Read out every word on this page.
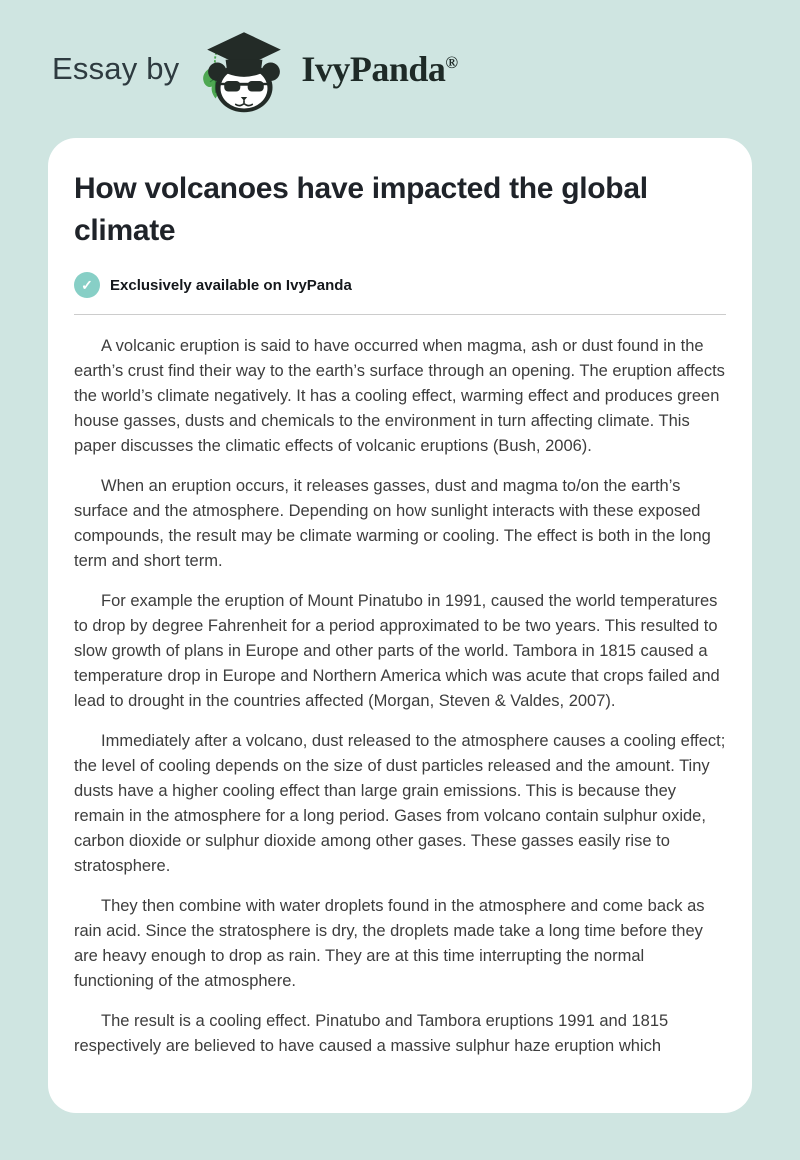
Essay by	IvyPanda®
How volcanoes have impacted the global climate
✓	Exclusively available on IvyPanda

A volcanic eruption is said to have occurred when magma, ash or dust found in the earth’s crust find their way to the earth’s surface through an opening. The eruption affects the world’s climate negatively. It has a cooling effect, warming effect and produces green house gasses, dusts and chemicals to the environment in turn affecting climate. This paper discusses the climatic effects of volcanic eruptions (Bush, 2006).

When an eruption occurs, it releases gasses, dust and magma to/on the earth’s surface and the atmosphere. Depending on how sunlight interacts with these exposed compounds, the result may be climate warming or cooling. The effect is both in the long term and short term.

For example the eruption of Mount Pinatubo in 1991, caused the world temperatures to drop by degree Fahrenheit for a period approximated to be two years. This resulted to slow growth of plans in Europe and other parts of the world. Tambora in 1815 caused a temperature drop in Europe and Northern America which was acute that crops failed and lead to drought in the countries affected (Morgan, Steven & Valdes, 2007).

Immediately after a volcano, dust released to the atmosphere causes a cooling effect; the level of cooling depends on the size of dust particles released and the amount. Tiny dusts have a higher cooling effect than large grain emissions. This is because they remain in the atmosphere for a long period. Gases from volcano contain sulphur oxide, carbon dioxide or sulphur dioxide among other gases. These gasses easily rise to stratosphere.

They then combine with water droplets found in the atmosphere and come back as rain acid. Since the stratosphere is dry, the droplets made take a long time before they are heavy enough to drop as rain. They are at this time interrupting the normal functioning of the atmosphere.

The result is a cooling effect. Pinatubo and Tambora eruptions 1991 and 1815 respectively are believed to have caused a massive sulphur haze eruption which
